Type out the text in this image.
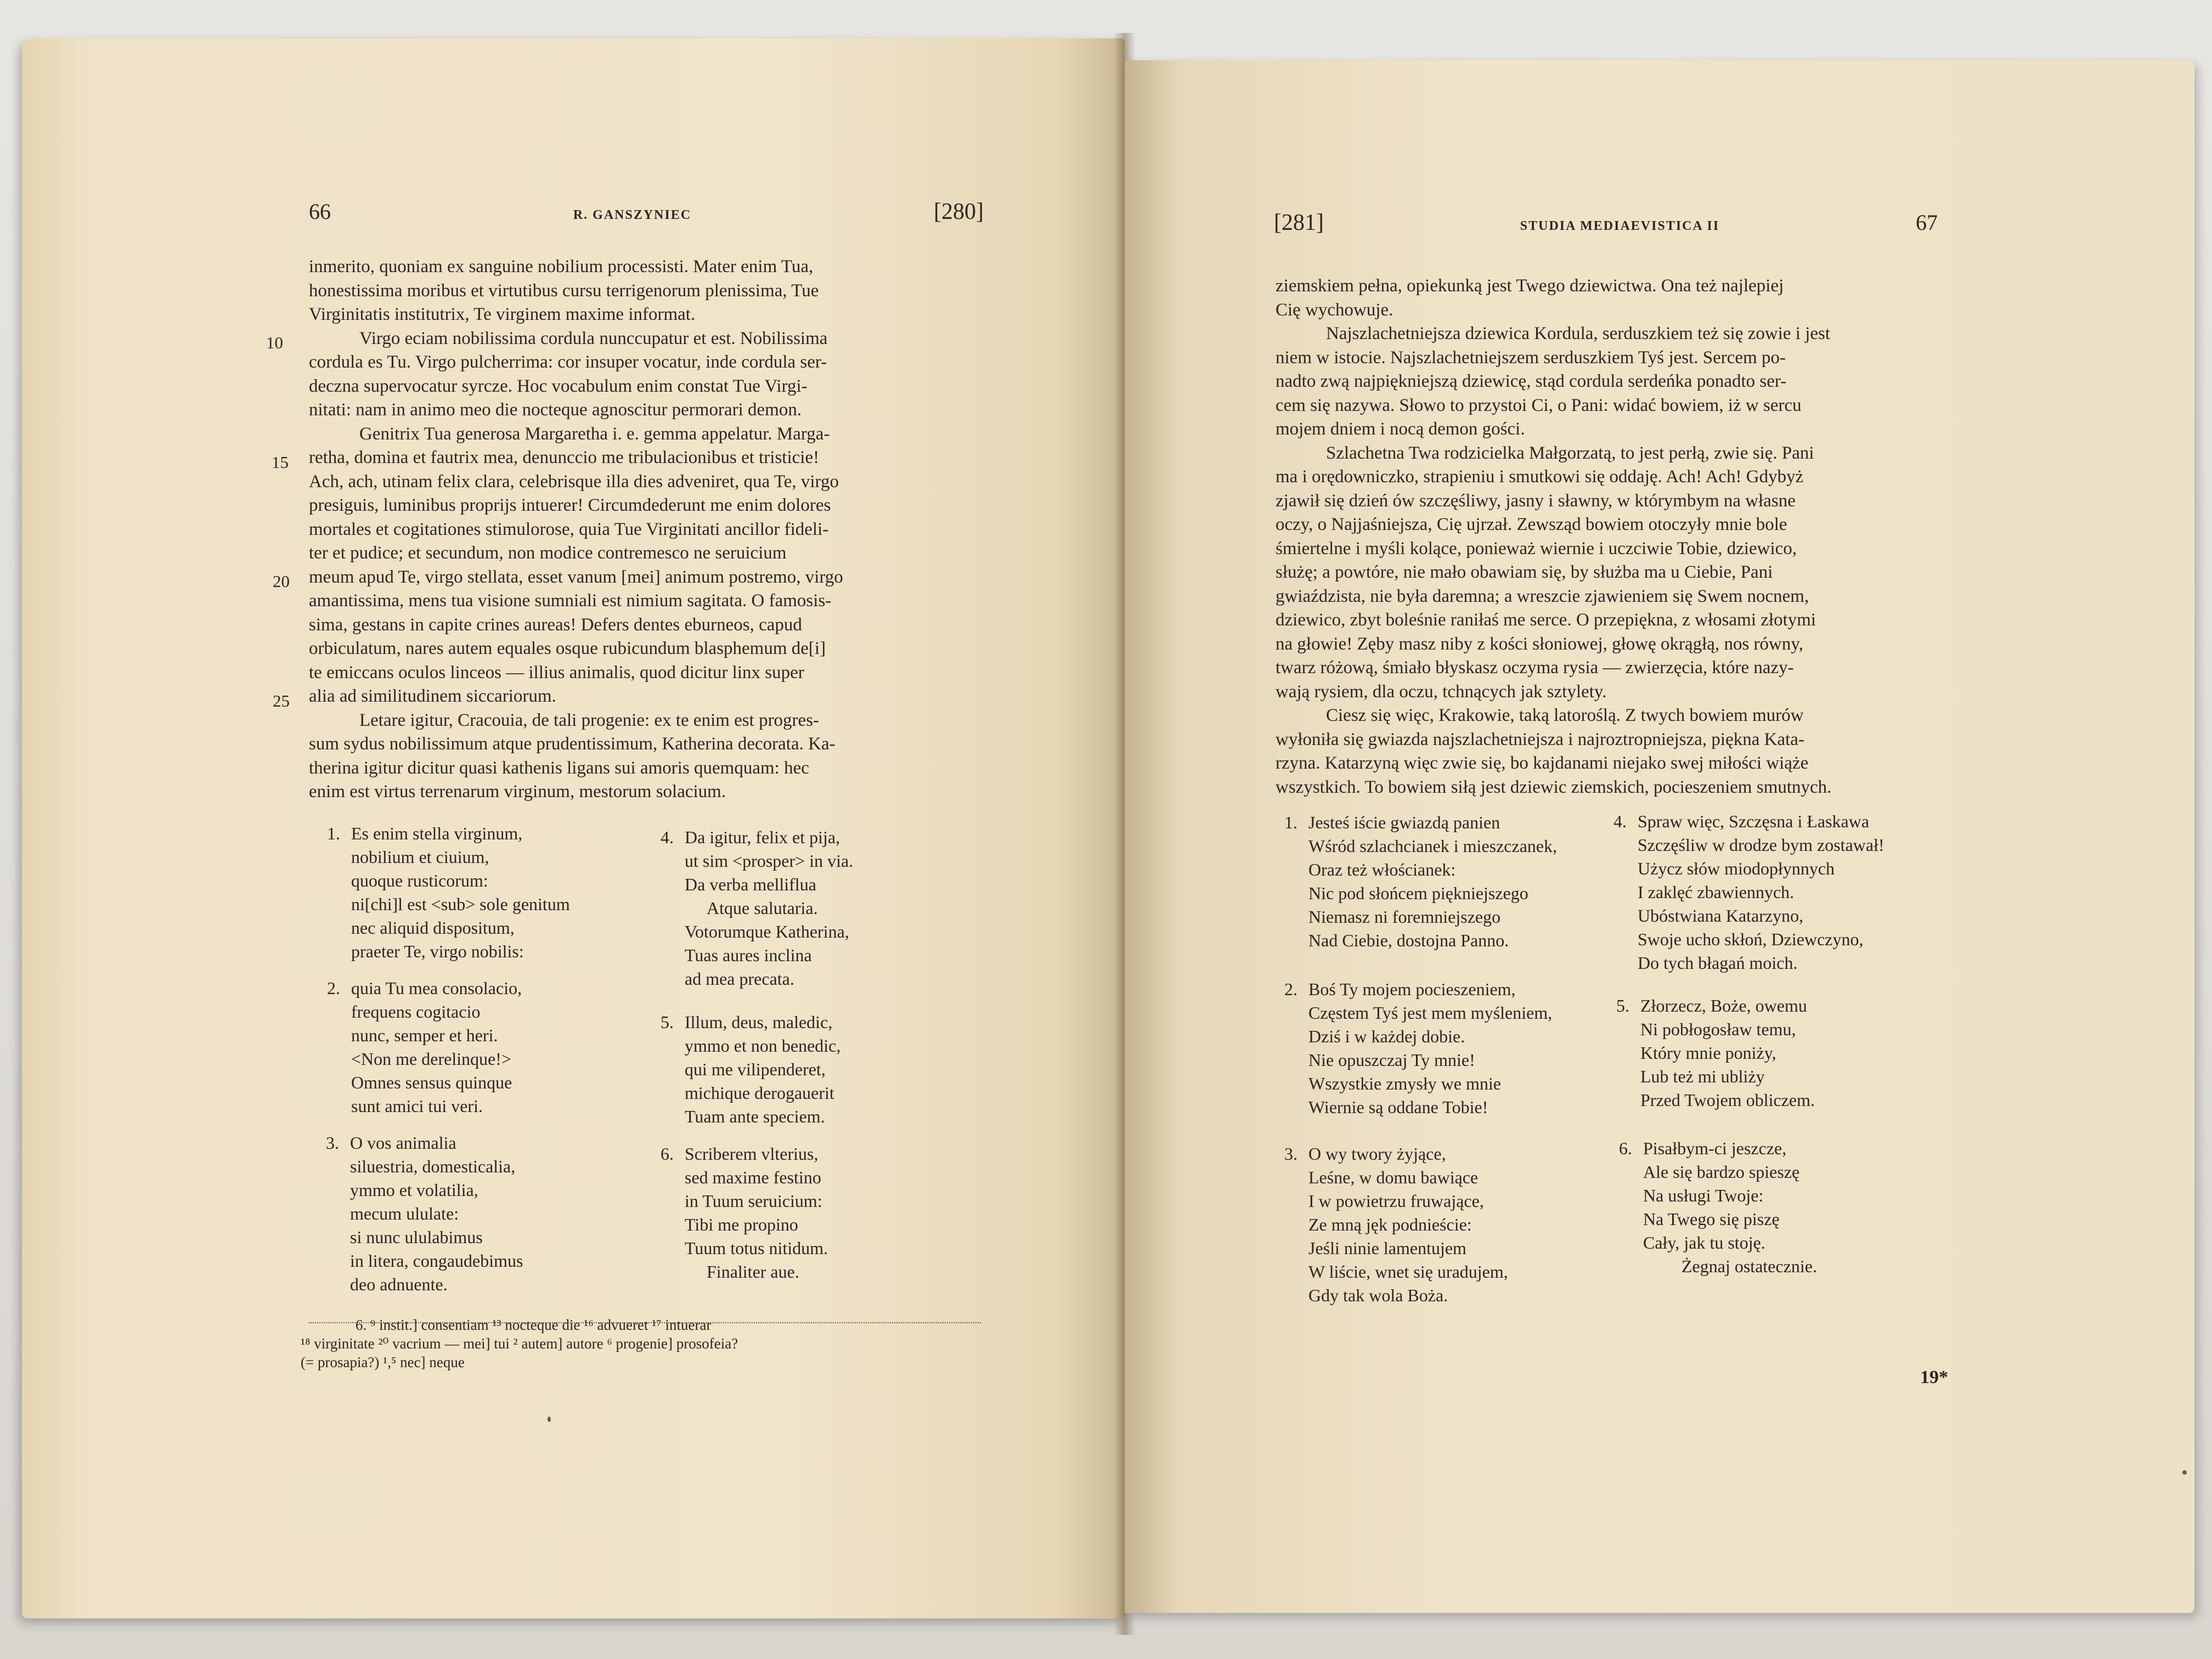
66	R. GANSZYNIEC	[280]

inmerito, quoniam ex sanguine nobilium processisti. Mater enim Tua,

honestissima moribus et virtutibus cursu terrigenorum plenissima, Tue

Virginitatis institutrix, Te virginem maxime informat.

Virgo eciam nobilissima cordula nunccupatur et est. Nobilissima

cordula es Tu. Virgo pulcherrima: cor insuper vocatur, inde cordula ser-

deczna supervocatur syrcze. Hoc vocabulum enim constat Tue Virgi-

nitati: nam in animo meo die nocteque agnoscitur permorari demon.

Genitrix Tua generosa Margaretha i. e. gemma appelatur. Marga-

retha, domina et fautrix mea, denunccio me tribulacionibus et tristicie!

Ach, ach, utinam felix clara, celebrisque illa dies adveniret, qua Te, virgo

presiguis, luminibus proprijs intuerer! Circumdederunt me enim dolores

mortales et cogitationes stimulorose, quia Tue Virginitati ancillor fideli-

ter et pudice; et secundum, non modice contremesco ne seruicium

meum apud Te, virgo stellata, esset vanum [mei] animum postremo, virgo

amantissima, mens tua visione sumniali est nimium sagitata. O famosis-

sima, gestans in capite crines aureas! Defers dentes eburneos, capud

orbiculatum, nares autem equales osque rubicundum blasphemum de[i]

te emiccans oculos linceos — illius animalis, quod dicitur linx super

alia ad similitudinem siccariorum.

Letare igitur, Cracouia, de tali progenie: ex te enim est progres-

sum sydus nobilissimum atque prudentissimum, Katherina decorata. Ka-

therina igitur dicitur quasi kathenis ligans sui amoris quemquam: hec

enim est virtus terrenarum virginum, mestorum solacium.

10
15
20
25
1. Es enim stella virginum,
nobilium et ciuium,
quoque rusticorum:
ni[chi]l est <sub> sole genitum
nec aliquid dispositum,
praeter Te, virgo nobilis:
2. quia Tu mea consolacio,
frequens cogitacio
nunc, semper et heri.
<Non me derelinque!>
Omnes sensus quinque
sunt amici tui veri.
3. O vos animalia
siluestria, domesticalia,
ymmo et volatilia,
mecum ululate:
si nunc ululabimus
in litera, congaudebimus
deo adnuente.
4. Da igitur, felix et pija,
ut sim <prosper> in via.
Da verba melliflua
Atque salutaria.
Votorumque Katherina,
Tuas aures inclina
ad mea precata.
5. Illum, deus, maledic,
ymmo et non benedic,
qui me vilipenderet,
michique derogauerit
Tuam ante speciem.
6. Scriberem vlterius,
sed maxime festino
in Tuum seruicium:
Tibi me propino
Tuum totus nitidum.
Finaliter aue.
6. ⁹ instit.] consentiam ¹³ nocteque die ¹⁶ advueret ¹⁷ intuerar
¹⁸ virginitate ²⁰ vacrium — mei] tui ² autem] autore ⁶ progenie] prosofeia?
(= prosapia?) ¹,⁵ nec] neque
[281]	STUDIA MEDIAEVISTICA II	67

ziemskiem pełna, opiekunką jest Twego dziewictwa. Ona też najlepiej

Cię wychowuje.

Najszlachetniejsza dziewica Kordula, serduszkiem też się zowie i jest

niem w istocie. Najszlachetniejszem serduszkiem Tyś jest. Sercem po-

nadto zwą najpiękniejszą dziewicę, stąd cordula serdeńka ponadto ser-

cem się nazywa. Słowo to przystoi Ci, o Pani: widać bowiem, iż w sercu

mojem dniem i nocą demon gości.

Szlachetna Twa rodzicielka Małgorzatą, to jest perłą, zwie się. Pani

ma i orędowniczko, strapieniu i smutkowi się oddaję. Ach! Ach! Gdybyż

zjawił się dzień ów szczęśliwy, jasny i sławny, w którymbym na własne

oczy, o Najjaśniejsza, Cię ujrzał. Zewsząd bowiem otoczyły mnie bole

śmiertelne i myśli kolące, ponieważ wiernie i uczciwie Tobie, dziewico,

służę; a powtóre, nie mało obawiam się, by służba ma u Ciebie, Pani

gwiaździsta, nie była daremna; a wreszcie zjawieniem się Swem nocnem,

dziewico, zbyt boleśnie raniłaś me serce. O przepiękna, z włosami złotymi

na głowie! Zęby masz niby z kości słoniowej, głowę okrągłą, nos równy,

twarz różową, śmiało błyskasz oczyma rysia — zwierzęcia, które nazy-

wają rysiem, dla oczu, tchnących jak sztylety.

Ciesz się więc, Krakowie, taką latoroślą. Z twych bowiem murów

wyłoniła się gwiazda najszlachetniejsza i najroztropniejsza, piękna Kata-

rzyna. Katarzyną więc zwie się, bo kajdanami niejako swej miłości wiąże

wszystkich. To bowiem siłą jest dziewic ziemskich, pocieszeniem smutnych.

1. Jesteś iście gwiazdą panien
Wśród szlachcianek i mieszczanek,
Oraz też włościanek:
Nic pod słońcem piękniejszego
Niemasz ni foremniejszego
Nad Ciebie, dostojna Panno.
2. Boś Ty mojem pocieszeniem,
Częstem Tyś jest mem myśleniem,
Dziś i w każdej dobie.
Nie opuszczaj Ty mnie!
Wszystkie zmysły we mnie
Wiernie są oddane Tobie!
3. O wy twory żyjące,
Leśne, w domu bawiące
I w powietrzu fruwające,
Ze mną jęk podnieście:
Jeśli ninie lamentujem
W liście, wnet się uradujem,
Gdy tak wola Boża.
4. Spraw więc, Szczęsna i Łaskawa
Szczęśliw w drodze bym zostawał!
Użycz słów miodopłynnych
I zaklęć zbawiennych.
Ubóstwiana Katarzyno,
Swoje ucho skłoń, Dziewczyno,
Do tych błagań moich.
5. Złorzecz, Boże, owemu
Ni pobłogosław temu,
Który mnie poniży,
Lub też mi ubliży
Przed Twojem obliczem.
6. Pisałbym-ci jeszcze,
Ale się bardzo spieszę
Na usługi Twoje:
Na Twego się piszę
Cały, jak tu stoję.
Żegnaj ostatecznie.
19*
